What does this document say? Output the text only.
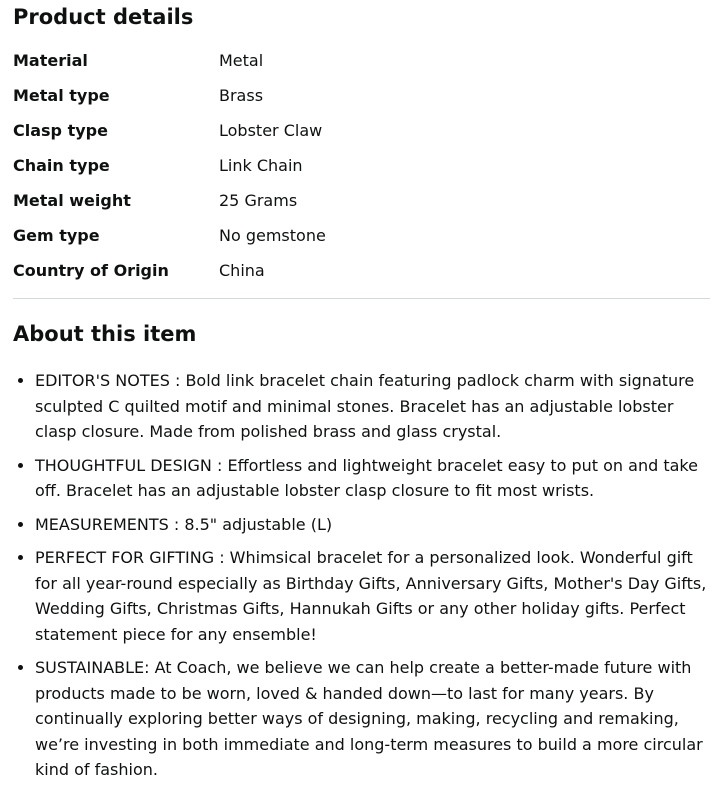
Product details
Material	Metal
Metal type	Brass
Clasp type	Lobster Claw
Chain type	Link Chain
Metal weight	25 Grams
Gem type	No gemstone
Country of Origin	China
About this item
EDITOR'S NOTES : Bold link bracelet chain featuring padlock charm with signature sculpted C quilted motif and minimal stones. Bracelet has an adjustable lobster clasp closure. Made from polished brass and glass crystal.
THOUGHTFUL DESIGN : Effortless and lightweight bracelet easy to put on and take off. Bracelet has an adjustable lobster clasp closure to fit most wrists.
MEASUREMENTS : 8.5" adjustable (L)
PERFECT FOR GIFTING : Whimsical bracelet for a personalized look. Wonderful gift for all year-round especially as Birthday Gifts, Anniversary Gifts, Mother's Day Gifts, Wedding Gifts, Christmas Gifts, Hannukah Gifts or any other holiday gifts. Perfect statement piece for any ensemble!
SUSTAINABLE: At Coach, we believe we can help create a better-made future with products made to be worn, loved & handed down—to last for many years. By continually exploring better ways of designing, making, recycling and remaking, we’re investing in both immediate and long-term measures to build a more circular kind of fashion.
